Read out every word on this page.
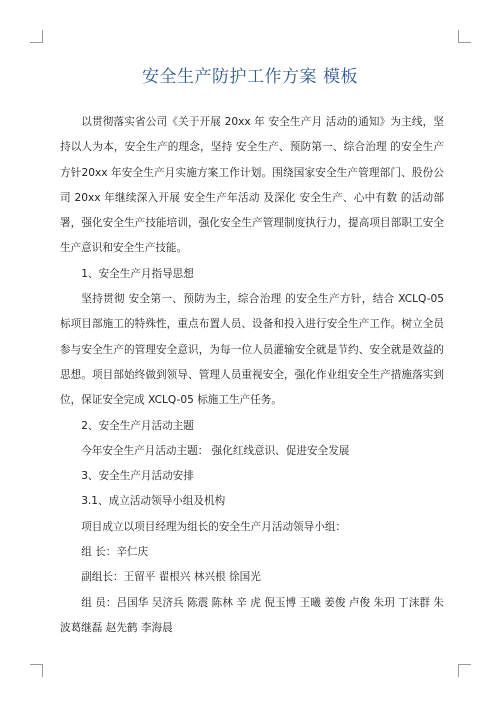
安全生产防护工作方案 模板

以贯彻落实省公司《关于开展 20xx 年 安全生产月 活动的通知》为主线，坚持以人为本，安全生产的理念，坚持 安全生产、预防第一、综合治理 的安全生产方针20xx 年安全生产月实施方案工作计划。围绕国家安全生产管理部门、股份公司 20xx 年继续深入开展 安全生产年活动 及深化 安全生产、心中有数 的活动部署，强化安全生产技能培训，强化安全生产管理制度执行力，提高项目部职工安全生产意识和安全生产技能。

1、安全生产月指导思想

坚持贯彻 安全第一、预防为主，综合治理 的安全生产方针，结合 XCLQ-05 标项目部施工的特殊性，重点布置人员、设备和投入进行安全生产工作。树立全员参与安全生产的管理安全意识，为每一位人员灌输安全就是节约、安全就是效益的思想。项目部始终做到领导、管理人员重视安全，强化作业组安全生产措施落实到位，保证安全完成 XCLQ-05 标施工生产任务。

2、安全生产月活动主题

今年安全生产月活动主题： 强化红线意识、促进安全发展

3、安全生产月活动安排

3.1、成立活动领导小组及机构

项目成立以项目经理为组长的安全生产月活动领导小组：

组 长：辛仁庆

副组长：王留平 翟根兴 林兴根 徐国光

组 员：吕国华 吴济兵 陈震 陈林 辛 虎 倪玉博 王曦 姜俊 卢俊 朱玥 丁沫群 朱波葛继磊 赵先鹤 李海晨
